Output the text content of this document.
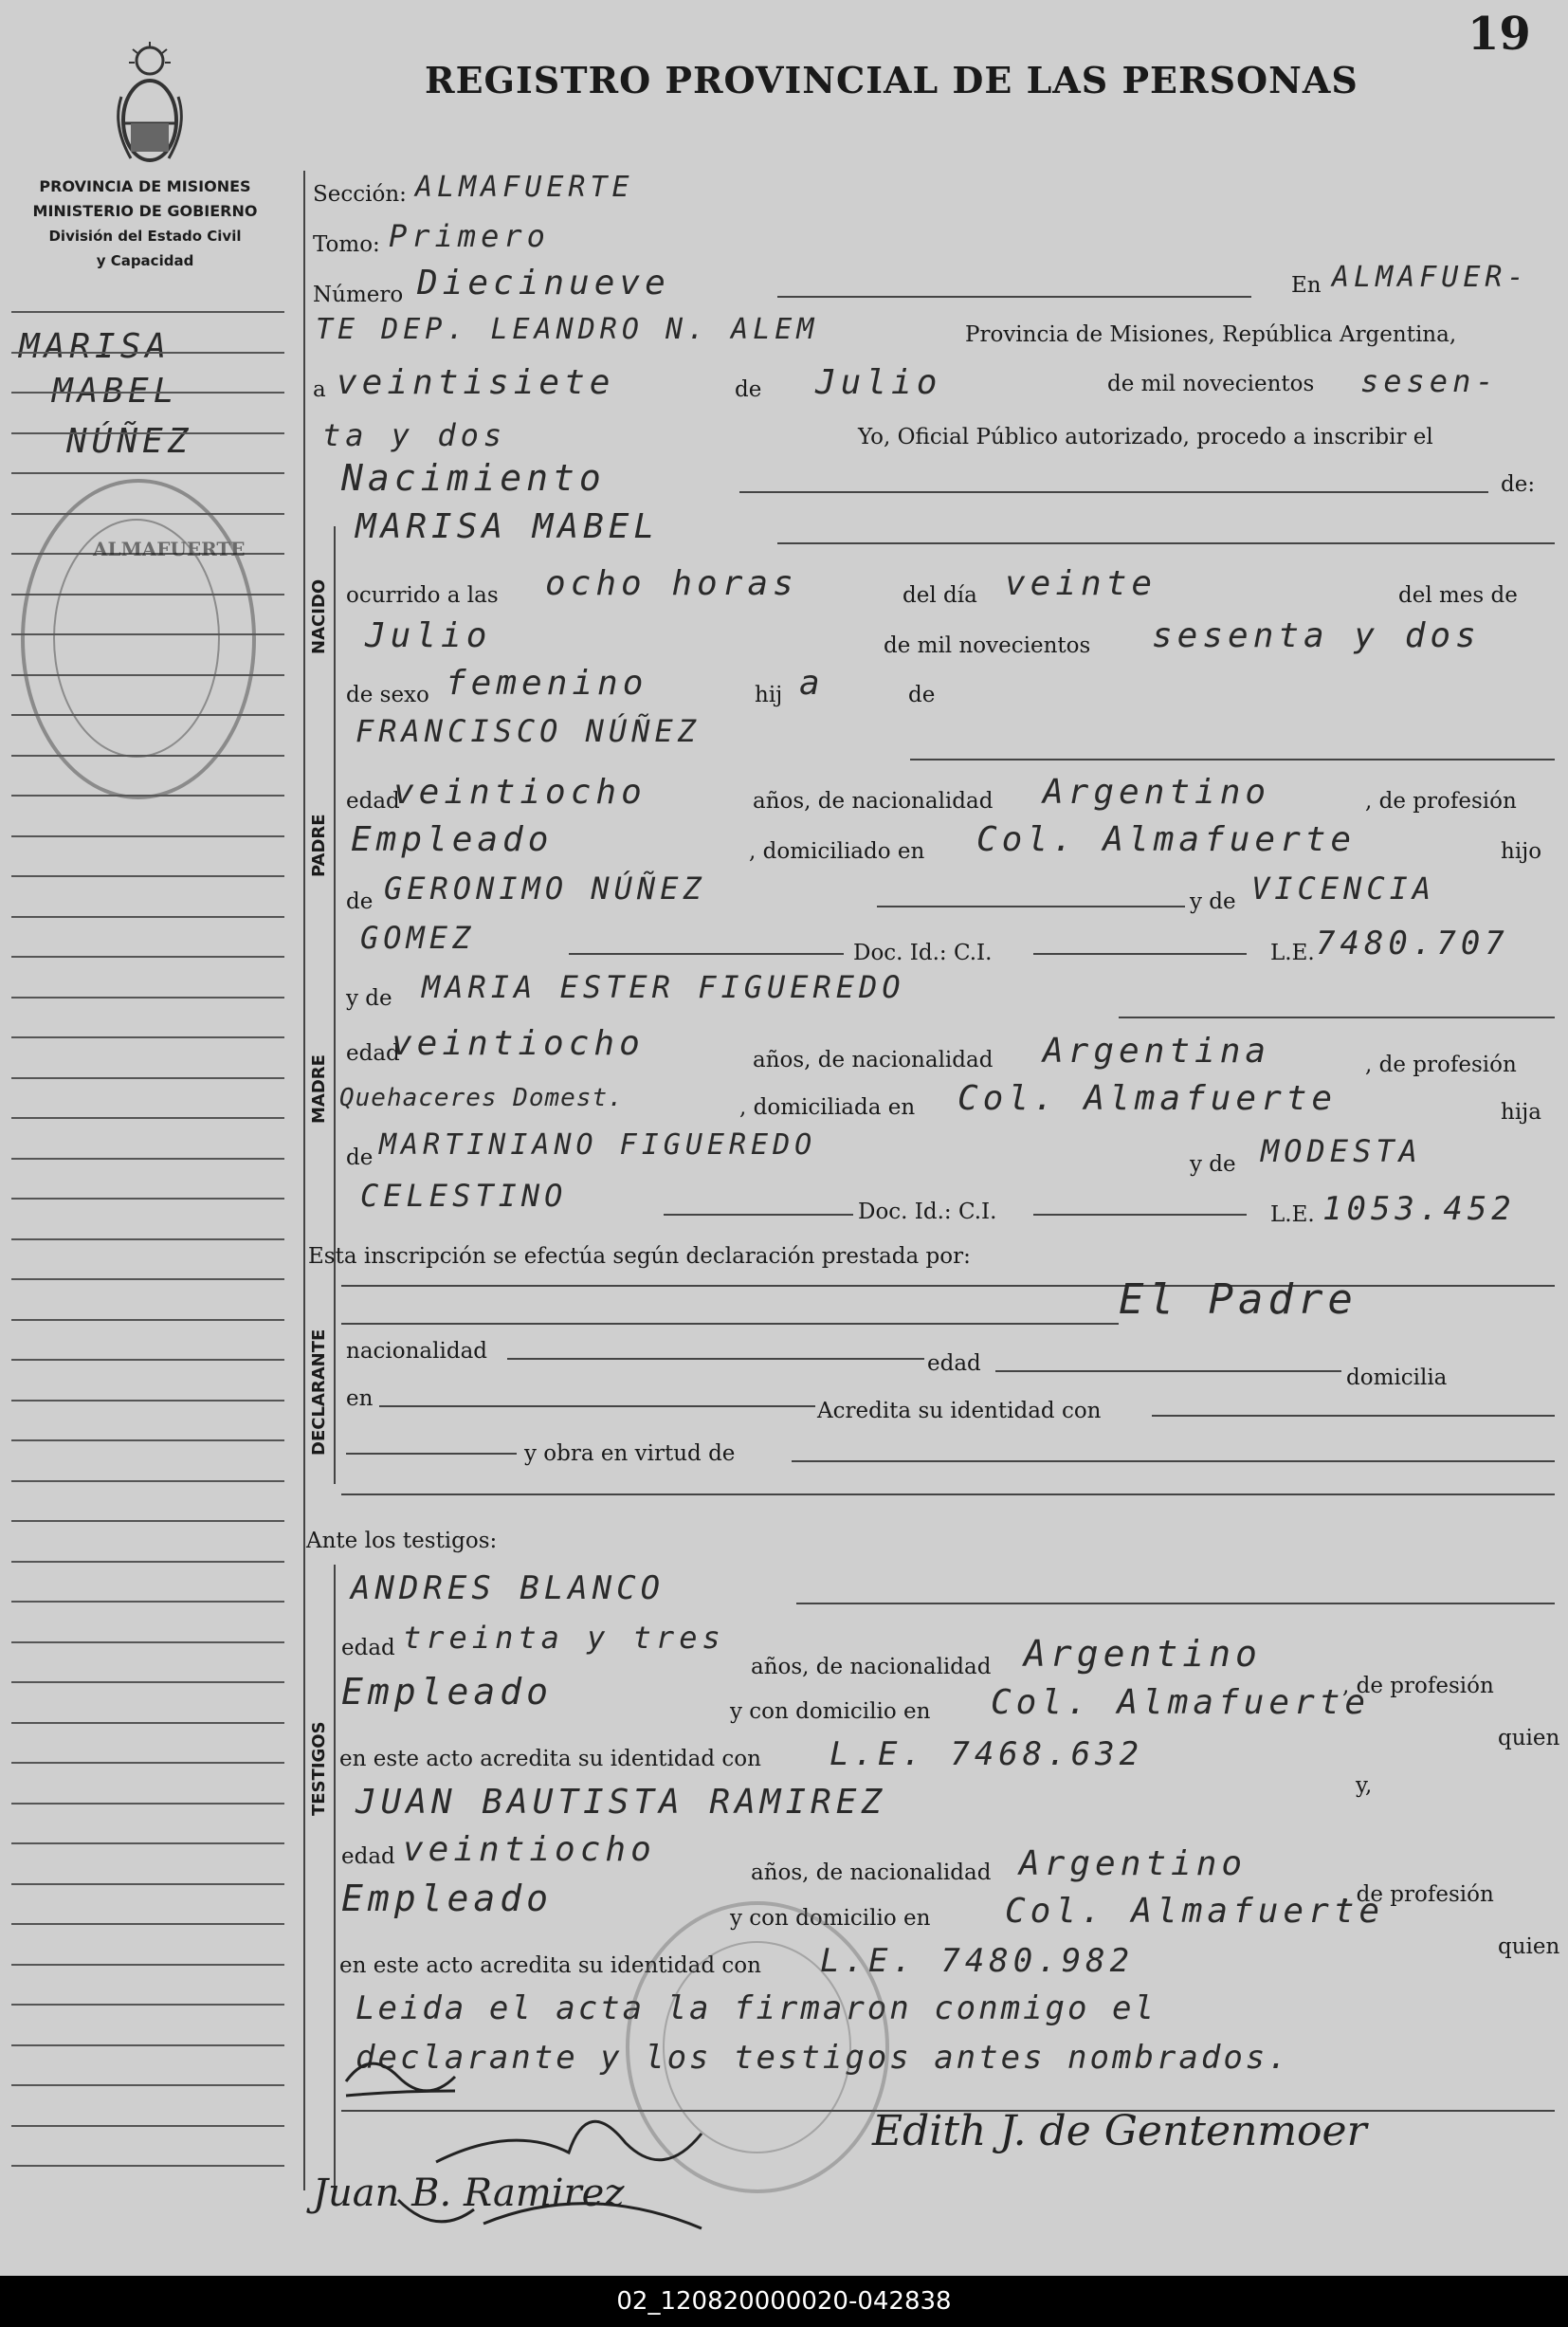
REGISTRO PROVINCIAL DE LAS PERSONAS
19
PROVINCIA DE MISIONES
MINISTERIO DE GOBIERNO
División del Estado Civil
y Capacidad
MARISA
MABEL
NÚÑEZ
ALMAFUERTE
NACIDO
PADRE
MADRE
DECLARANTE
TESTIGOS
Sección: ALMAFUERTE
Tomo: Primero
Número Diecinueve	En ALMAFUER-
TE DEP. LEANDRO N. ALEM	Provincia de Misiones, República Argentina,
a veintisiete	de Julio	de mil novecientos sesen-
ta y dos	Yo, Oficial Público autorizado, procedo a inscribir el
Nacimiento	de:
MARISA MABEL
ocurrido a las ocho horas	del día veinte	del mes de
Julio	de mil novecientos sesenta y dos
de sexo femenino	hij a	de
FRANCISCO NÚÑEZ
edad
veintiocho	años, de nacionalidad Argentino	, de profesión
Empleado	, domiciliado en Col. Almafuerte	hijo
de GERONIMO NÚÑEZ	y de VICENCIA
GOMEZ	Doc. Id.: C.I.	L.E. 7480.707
y de MARIA ESTER FIGUEREDO
edad
veintiocho	años, de nacionalidad Argentina	, de profesión
Quehaceres Domest.	, domiciliada en Col. Almafuerte	hija
de MARTINIANO FIGUEREDO
y de MODESTA
CELESTINO	Doc. Id.: C.I.	L.E. 1053.452
Esta inscripción se efectúa según declaración prestada por:
El Padre
nacionalidad	edad
domicilia
en	Acredita su identidad con
y obra en virtud de
Ante los testigos:
ANDRES BLANCO
edad treinta y tres
años, de nacionalidad Argentino
, de profesión
Empleado	y con domicilio en Col. Almafuerte
quien
en este acto acredita su identidad con L.E. 7468.632
y,
JUAN BAUTISTA RAMIREZ
edad veintiocho
años, de nacionalidad Argentino
, de profesión
Empleado	y con domicilio en Col. Almafuerte
quien
en este acto acredita su identidad con L.E. 7480.982
Leida el acta la firmaron conmigo el
declarante y los testigos antes nombrados.
Edith J. de Gentenmoer
Juan B. Ramirez
02_120820000020-042838
